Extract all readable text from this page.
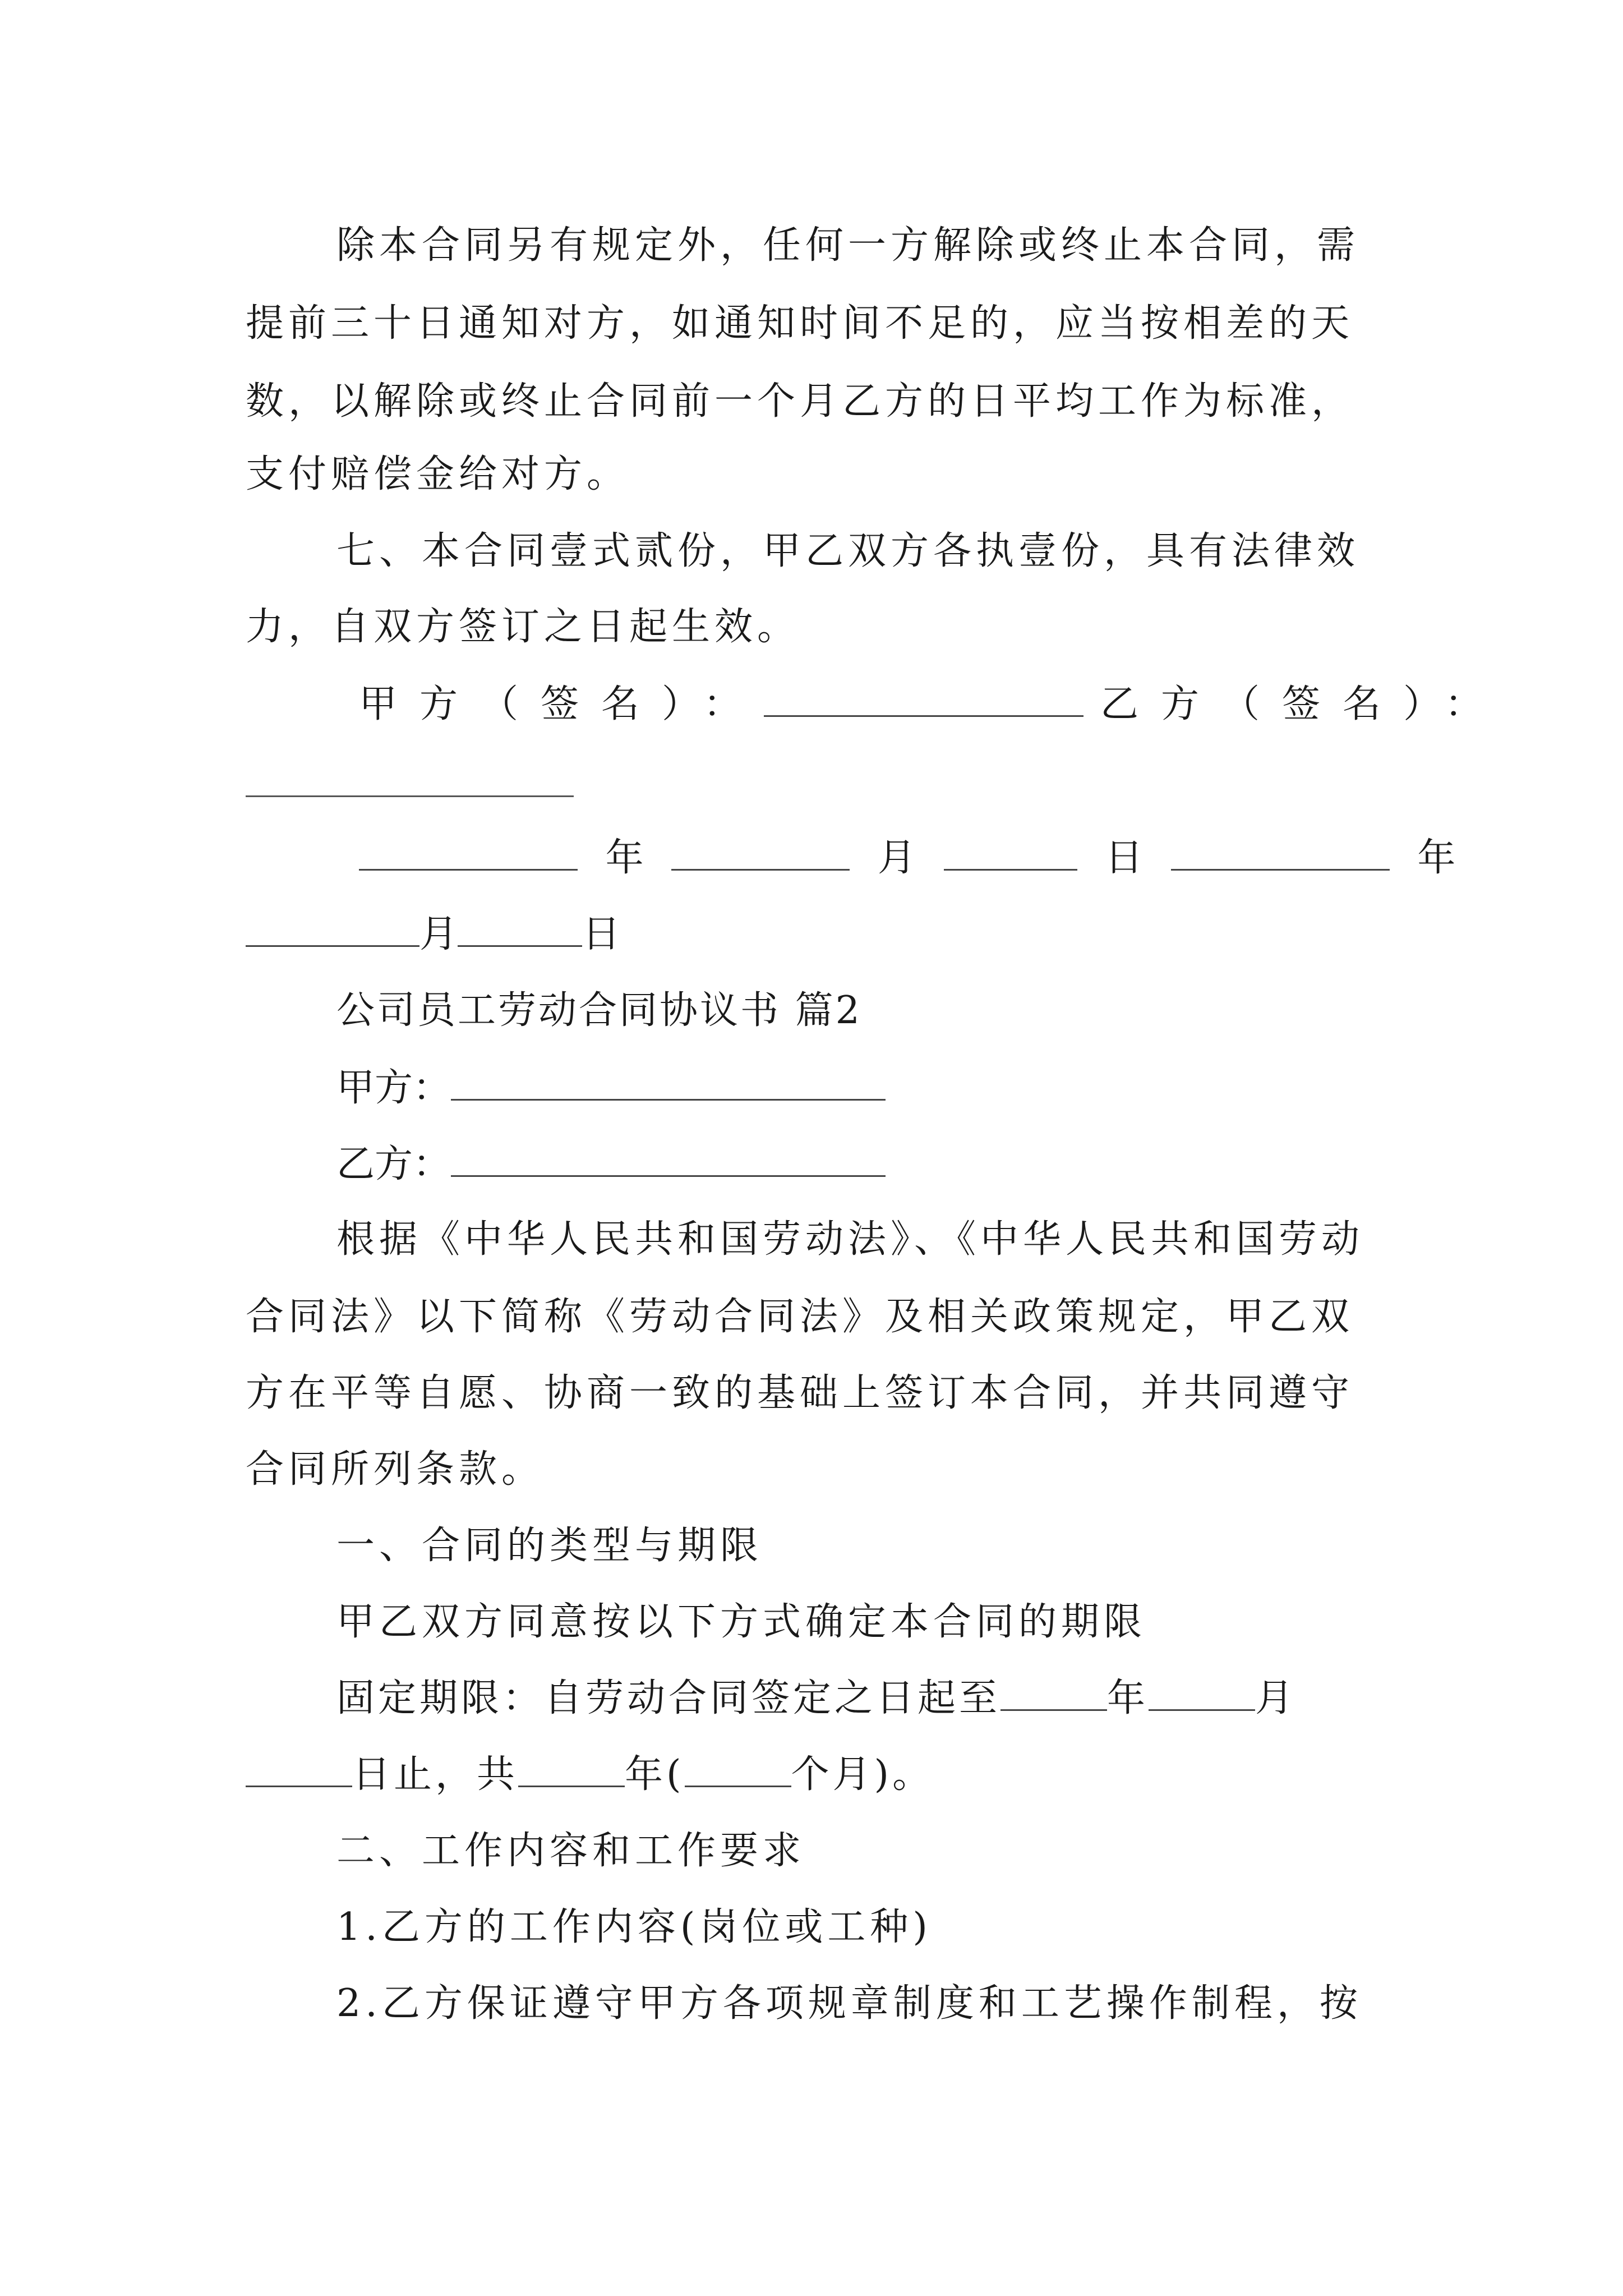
除本合同另有规定外，任何一方解除或终止本合同，需
提前三十日通知对方，如通知时间不足的，应当按相差的天
数，以解除或终止合同前一个月乙方的日平均工作为标准，
支付赔偿金给对方。
七、本合同壹式贰份，甲乙双方各执壹份，具有法律效
力，自双方签订之日起生效。
甲方（签名）：	乙方（签名）：
年	月	日	年
月	日
公司员工劳动合同协议书 篇2
甲方：
乙方：
根据《中华人民共和国劳动法》、《中华人民共和国劳动
合同法》以下简称《劳动合同法》及相关政策规定，甲乙双
方在平等自愿、协商一致的基础上签订本合同，并共同遵守
合同所列条款。
一、合同的类型与期限
甲乙双方同意按以下方式确定本合同的期限
固定期限：自劳动合同签定之日起至	年	月
日止，共	年(	个月)。
二、工作内容和工作要求
1.乙方的工作内容(岗位或工种)
2.乙方保证遵守甲方各项规章制度和工艺操作制程，按
